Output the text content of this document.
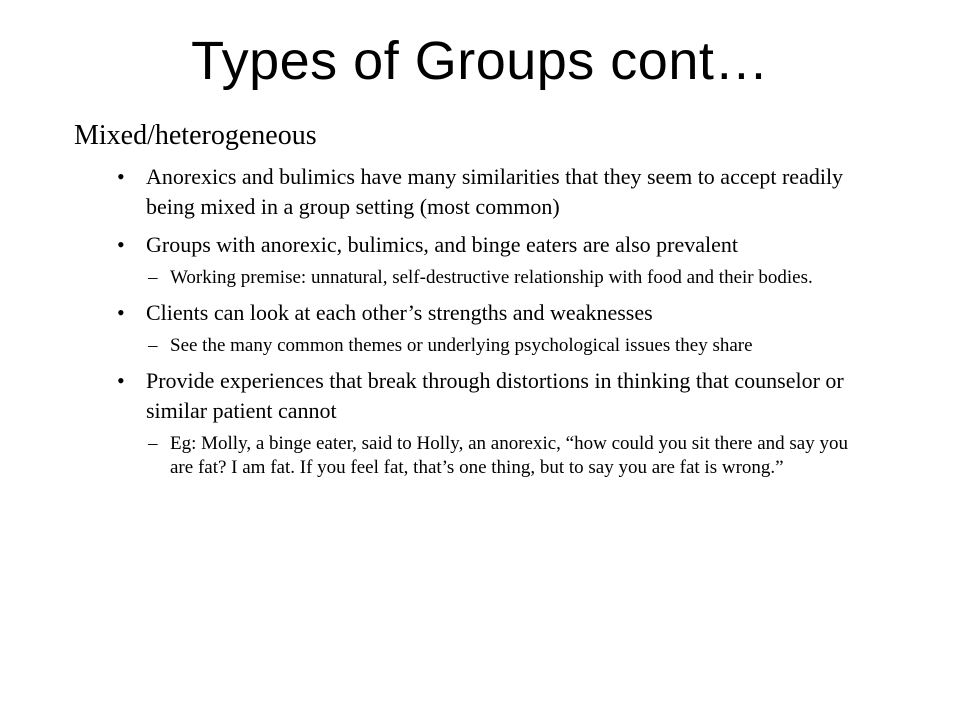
Types of Groups cont…
Mixed/heterogeneous
• Anorexics and bulimics have many similarities that they seem to accept readily being mixed in a group setting (most common)
• Groups with anorexic, bulimics, and binge eaters are also prevalent
– Working premise: unnatural, self-destructive relationship with food and their bodies.
• Clients can look at each other’s strengths and weaknesses
– See the many common themes or underlying psychological issues they share
• Provide experiences that break through distortions in thinking that counselor or similar patient cannot
– Eg: Molly, a binge eater, said to Holly, an anorexic, “how could you sit there and say you are fat? I am fat. If you feel fat, that’s one thing, but to say you are fat is wrong.”
